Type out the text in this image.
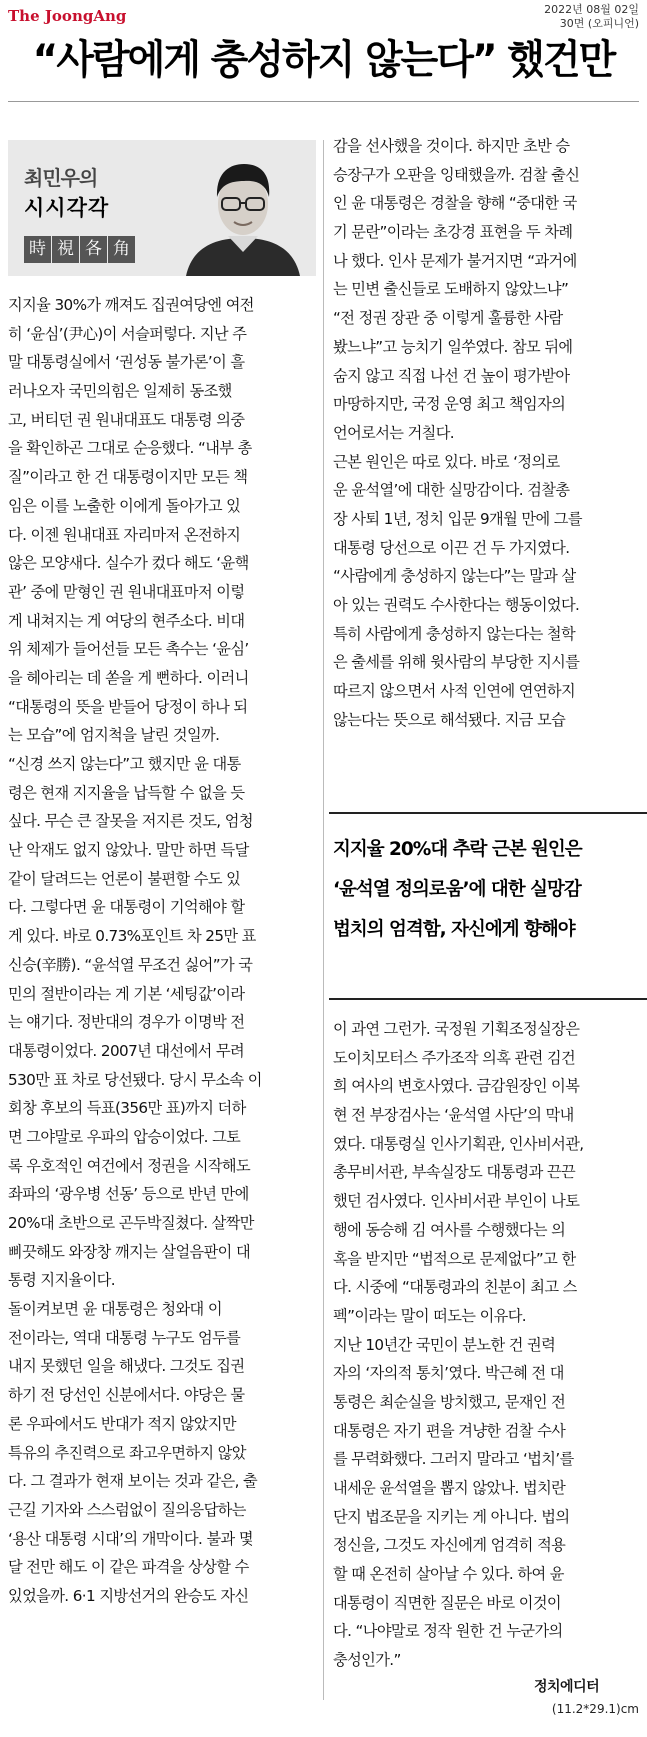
The JoongAng	2022년 08월 02일
30면 (오피니언)
“사람에게 충성하지 않는다” 했건만
최민우의
시시각각
時 視 各 角
지지율 30%가 깨져도 집권여당엔 여전
히 ‘윤심’(尹心)이 서슬퍼렇다. 지난 주
말 대통령실에서 ‘권성동 불가론’이 흘
러나오자 국민의힘은 일제히 동조했
고, 버티던 권 원내대표도 대통령 의중
을 확인하곤 그대로 순응했다. “내부 총
질”이라고 한 건 대통령이지만 모든 책
임은 이를 노출한 이에게 돌아가고 있
다. 이젠 원내대표 자리마저 온전하지
않은 모양새다. 실수가 컸다 해도 ‘윤핵
관’ 중에 맏형인 권 원내대표마저 이렇
게 내쳐지는 게 여당의 현주소다. 비대
위 체제가 들어선들 모든 촉수는 ‘윤심’
을 헤아리는 데 쏟을 게 뻔하다. 이러니
“대통령의 뜻을 받들어 당정이 하나 되
는 모습”에 엄지척을 날린 것일까.
“신경 쓰지 않는다”고 했지만 윤 대통
령은 현재 지지율을 납득할 수 없을 듯
싶다. 무슨 큰 잘못을 저지른 것도, 엄청
난 악재도 없지 않았나. 말만 하면 득달
같이 달려드는 언론이 불편할 수도 있
다. 그렇다면 윤 대통령이 기억해야 할
게 있다. 바로 0.73%포인트 차 25만 표
신승(辛勝). “윤석열 무조건 싫어”가 국
민의 절반이라는 게 기본 ‘세팅값’이라
는 얘기다. 정반대의 경우가 이명박 전
대통령이었다. 2007년 대선에서 무려
530만 표 차로 당선됐다. 당시 무소속 이
회창 후보의 득표(356만 표)까지 더하
면 그야말로 우파의 압승이었다. 그토
록 우호적인 여건에서 정권을 시작해도
좌파의 ‘광우병 선동’ 등으로 반년 만에
20%대 초반으로 곤두박질쳤다. 살짝만
삐끗해도 와장창 깨지는 살얼음판이 대
통령 지지율이다.
돌이켜보면 윤 대통령은 청와대 이
전이라는, 역대 대통령 누구도 엄두를
내지 못했던 일을 해냈다. 그것도 집권
하기 전 당선인 신분에서다. 야당은 물
론 우파에서도 반대가 적지 않았지만
특유의 추진력으로 좌고우면하지 않았
다. 그 결과가 현재 보이는 것과 같은, 출
근길 기자와 스스럼없이 질의응답하는
‘용산 대통령 시대’의 개막이다. 불과 몇
달 전만 해도 이 같은 파격을 상상할 수
있었을까. 6·1 지방선거의 완승도 자신
감을 선사했을 것이다. 하지만 초반 승
승장구가 오판을 잉태했을까. 검찰 출신
인 윤 대통령은 경찰을 향해 “중대한 국
기 문란”이라는 초강경 표현을 두 차례
나 했다. 인사 문제가 불거지면 “과거에
는 민변 출신들로 도배하지 않았느냐”
“전 정권 장관 중 이렇게 훌륭한 사람
봤느냐”고 능치기 일쑤였다. 참모 뒤에
숨지 않고 직접 나선 건 높이 평가받아
마땅하지만, 국정 운영 최고 책임자의
언어로서는 거칠다.
근본 원인은 따로 있다. 바로 ‘정의로
운 윤석열’에 대한 실망감이다. 검찰총
장 사퇴 1년, 정치 입문 9개월 만에 그를
대통령 당선으로 이끈 건 두 가지였다.
“사람에게 충성하지 않는다”는 말과 살
아 있는 권력도 수사한다는 행동이었다.
특히 사람에게 충성하지 않는다는 철학
은 출세를 위해 윗사람의 부당한 지시를
따르지 않으면서 사적 인연에 연연하지
않는다는 뜻으로 해석됐다. 지금 모습
지지율 20%대 추락 근본 원인은
‘윤석열 정의로움’에 대한 실망감
법치의 엄격함, 자신에게 향해야
이 과연 그런가. 국정원 기획조정실장은
도이치모터스 주가조작 의혹 관련 김건
희 여사의 변호사였다. 금감원장인 이복
현 전 부장검사는 ‘윤석열 사단’의 막내
였다. 대통령실 인사기획관, 인사비서관,
총무비서관, 부속실장도 대통령과 끈끈
했던 검사였다. 인사비서관 부인이 나토
행에 동승해 김 여사를 수행했다는 의
혹을 받지만 “법적으로 문제없다”고 한
다. 시중에 “대통령과의 친분이 최고 스
펙”이라는 말이 떠도는 이유다.
지난 10년간 국민이 분노한 건 권력
자의 ‘자의적 통치’였다. 박근혜 전 대
통령은 최순실을 방치했고, 문재인 전
대통령은 자기 편을 겨냥한 검찰 수사
를 무력화했다. 그러지 말라고 ‘법치’를
내세운 윤석열을 뽑지 않았나. 법치란
단지 법조문을 지키는 게 아니다. 법의
정신을, 그것도 자신에게 엄격히 적용
할 때 온전히 살아날 수 있다. 하여 윤
대통령이 직면한 질문은 바로 이것이
다. “나야말로 정작 원한 건 누군가의
충성인가.”
정치에디터
(11.2*29.1)cm
